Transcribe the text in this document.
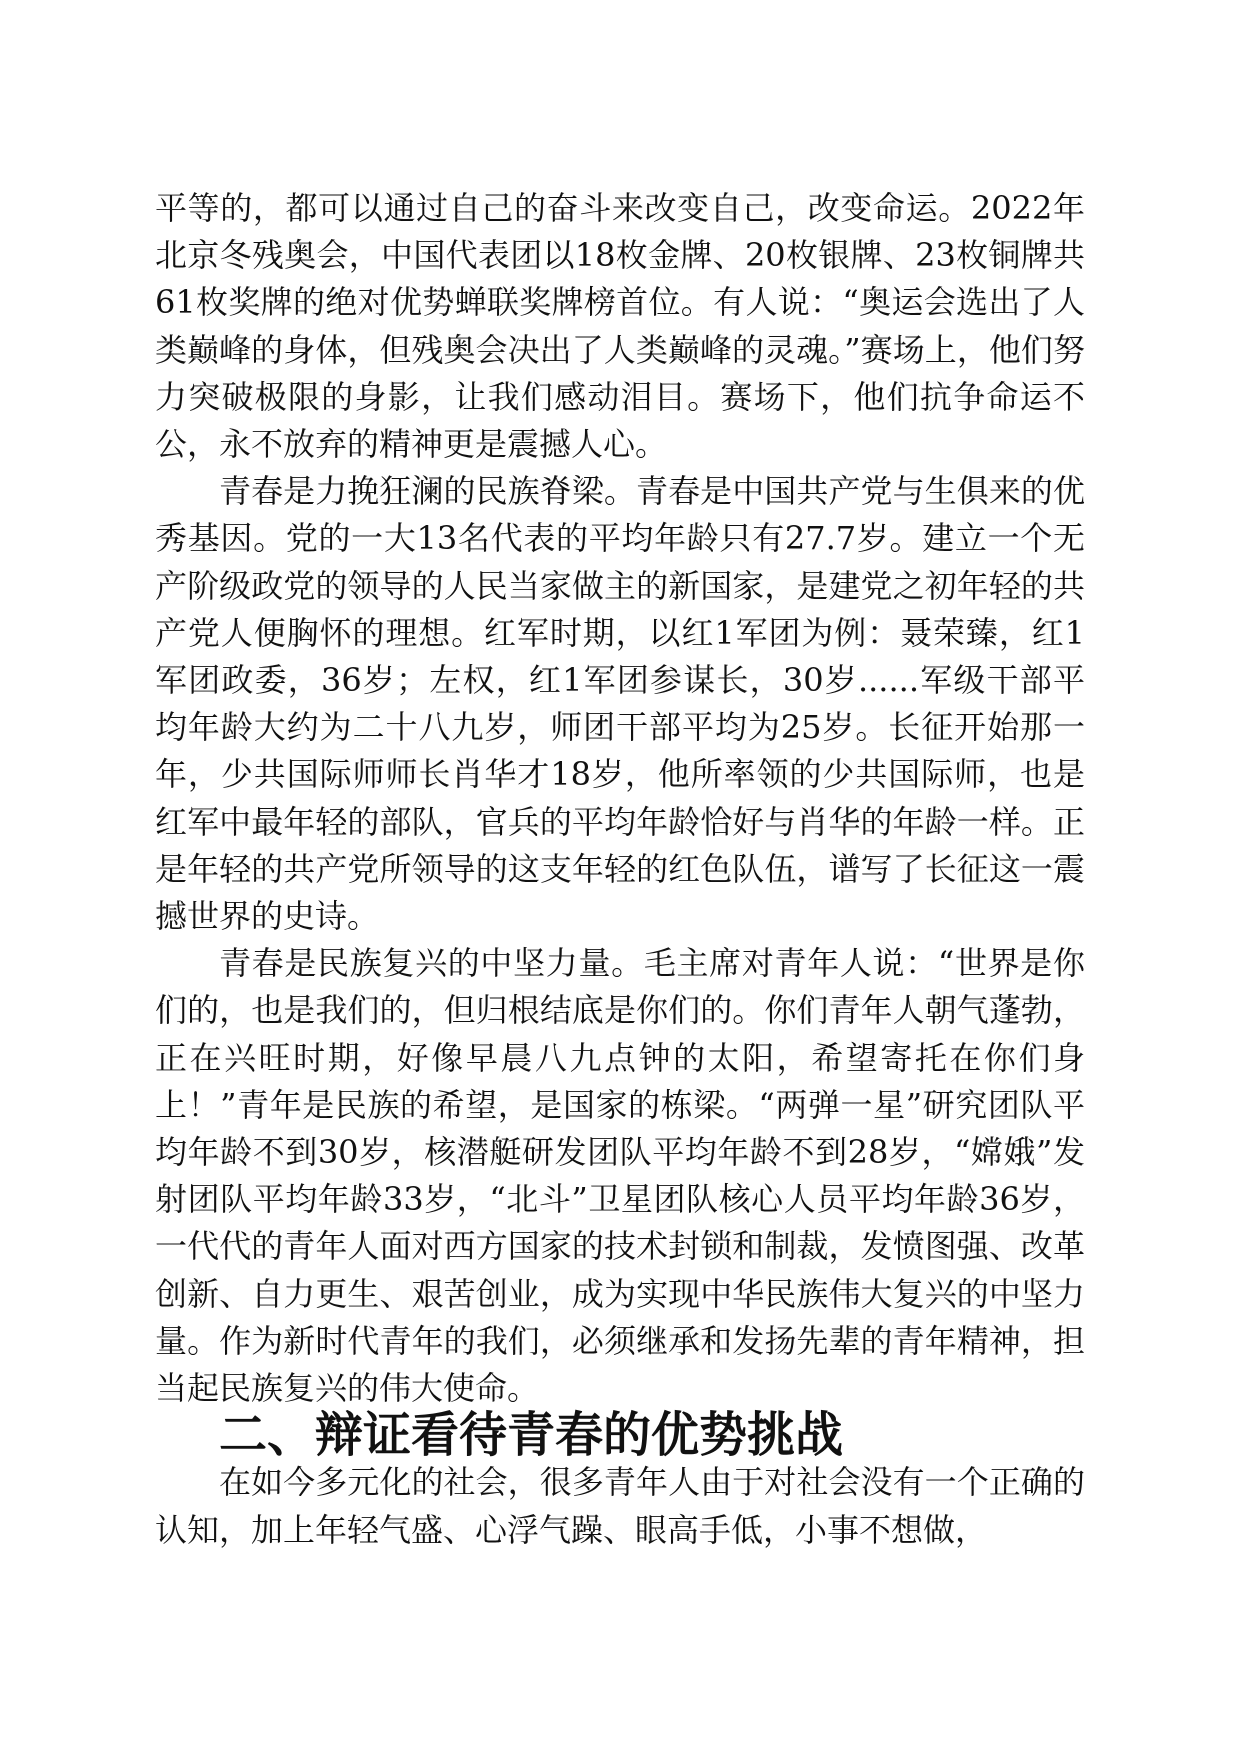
平等的，都可以通过自己的奋斗来改变自己，改变命运。2022年北京冬残奥会，中国代表团以18枚金牌、20枚银牌、23枚铜牌共61枚奖牌的绝对优势蝉联奖牌榜首位。有人说：“奥运会选出了人类巅峰的身体，但残奥会决出了人类巅峰的灵魂。”赛场上，他们努力突破极限的身影，让我们感动泪目。赛场下，他们抗争命运不公，永不放弃的精神更是震撼人心。

青春是力挽狂澜的民族脊梁。青春是中国共产党与生俱来的优秀基因。党的一大13名代表的平均年龄只有27.7岁。建立一个无产阶级政党的领导的人民当家做主的新国家，是建党之初年轻的共产党人便胸怀的理想。红军时期，以红1军团为例：聂荣臻，红1军团政委，36岁；左权，红1军团参谋长，30岁......军级干部平均年龄大约为二十八九岁，师团干部平均为25岁。长征开始那一年，少共国际师师长肖华才18岁，他所率领的少共国际师，也是红军中最年轻的部队，官兵的平均年龄恰好与肖华的年龄一样。正是年轻的共产党所领导的这支年轻的红色队伍，谱写了长征这一震撼世界的史诗。

青春是民族复兴的中坚力量。毛主席对青年人说：“世界是你们的，也是我们的，但归根结底是你们的。你们青年人朝气蓬勃，正在兴旺时期，好像早晨八九点钟的太阳，希望寄托在你们身上！”青年是民族的希望，是国家的栋梁。“两弹一星”研究团队平均年龄不到30岁，核潜艇研发团队平均年龄不到28岁，“嫦娥”发射团队平均年龄33岁，“北斗”卫星团队核心人员平均年龄36岁，一代代的青年人面对西方国家的技术封锁和制裁，发愤图强、改革创新、自力更生、艰苦创业，成为实现中华民族伟大复兴的中坚力量。作为新时代青年的我们，必须继承和发扬先辈的青年精神，担当起民族复兴的伟大使命。

二、辩证看待青春的优势挑战

在如今多元化的社会，很多青年人由于对社会没有一个正确的认知，加上年轻气盛、心浮气躁、眼高手低，小事不想做，
